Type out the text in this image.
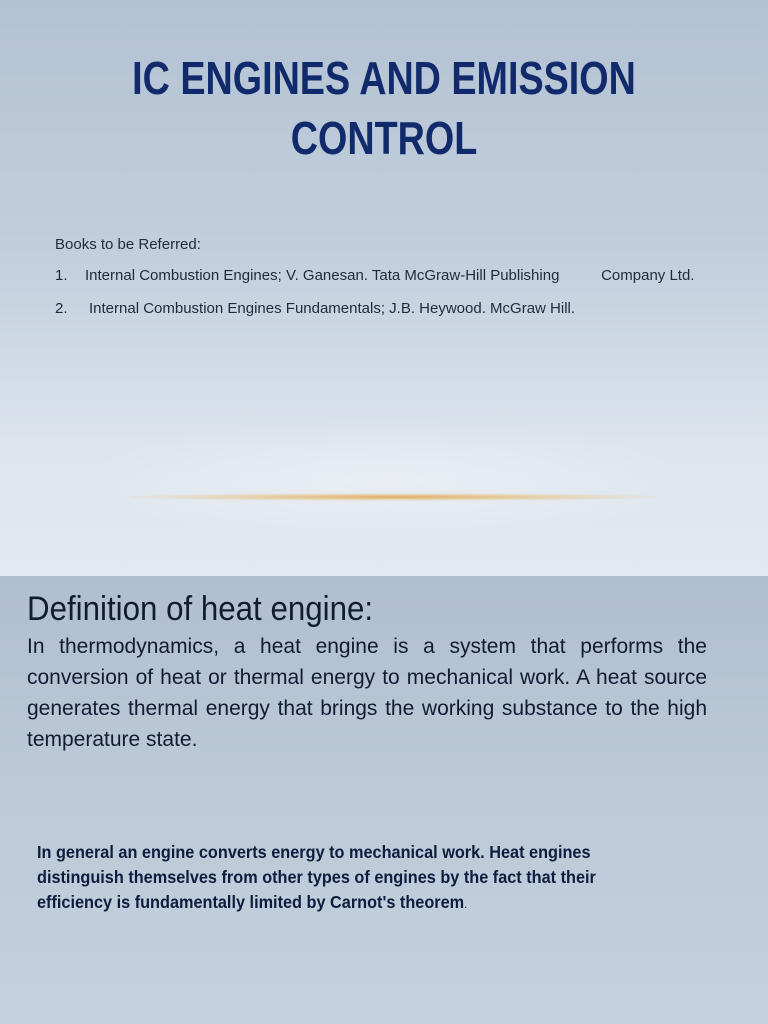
IC ENGINES AND EMISSION
CONTROL
Books to be Referred:
1.	Internal Combustion Engines; V. Ganesan. Tata McGraw-Hill Publishing          Company Ltd.
2.	Internal Combustion Engines Fundamentals; J.B. Heywood. McGraw Hill.
Definition of heat engine:
In thermodynamics, a heat engine is a system that performs the conversion of heat or thermal energy to mechanical work. A heat source generates thermal energy that brings the working substance to the high temperature state.
In general an engine converts energy to mechanical work. Heat engines distinguish themselves from other types of engines by the fact that their efficiency is fundamentally limited by Carnot's theorem.
